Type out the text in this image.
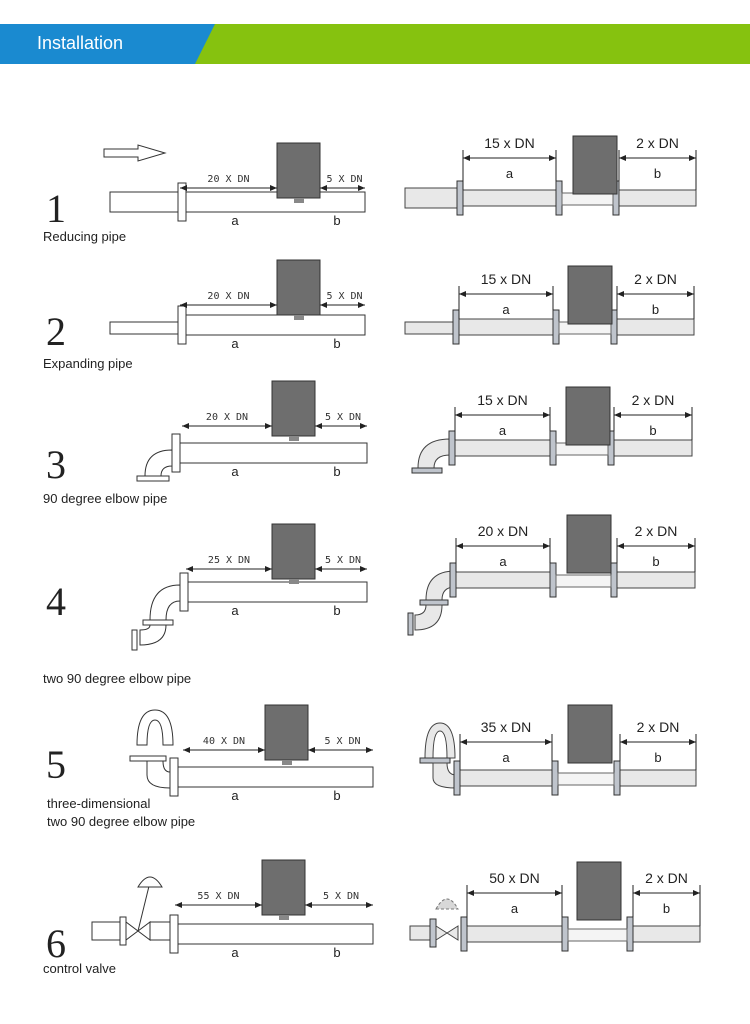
Installation
1
Reducing pipe
20 X DN	5 X DN
a	b
15 x DN	2 x DN
a	b
2
Expanding pipe
20 X DN	5 X DN
a	b
15 x DN	2 x DN
a	b
3
90 degree elbow pipe
20 X DN	5 X DN
a	b
15 x DN	2 x DN
a	b
4
two 90 degree elbow pipe
25 X DN	5 X DN
a	b
20 x DN	2 x DN
a	b
5
three-dimensional
two 90 degree elbow pipe
40 X DN	5 X DN
a	b
35 x DN	2 x DN
a	b
6
control valve
55 X DN	5 X DN
a	b
50 x DN	2 x DN
a	b
